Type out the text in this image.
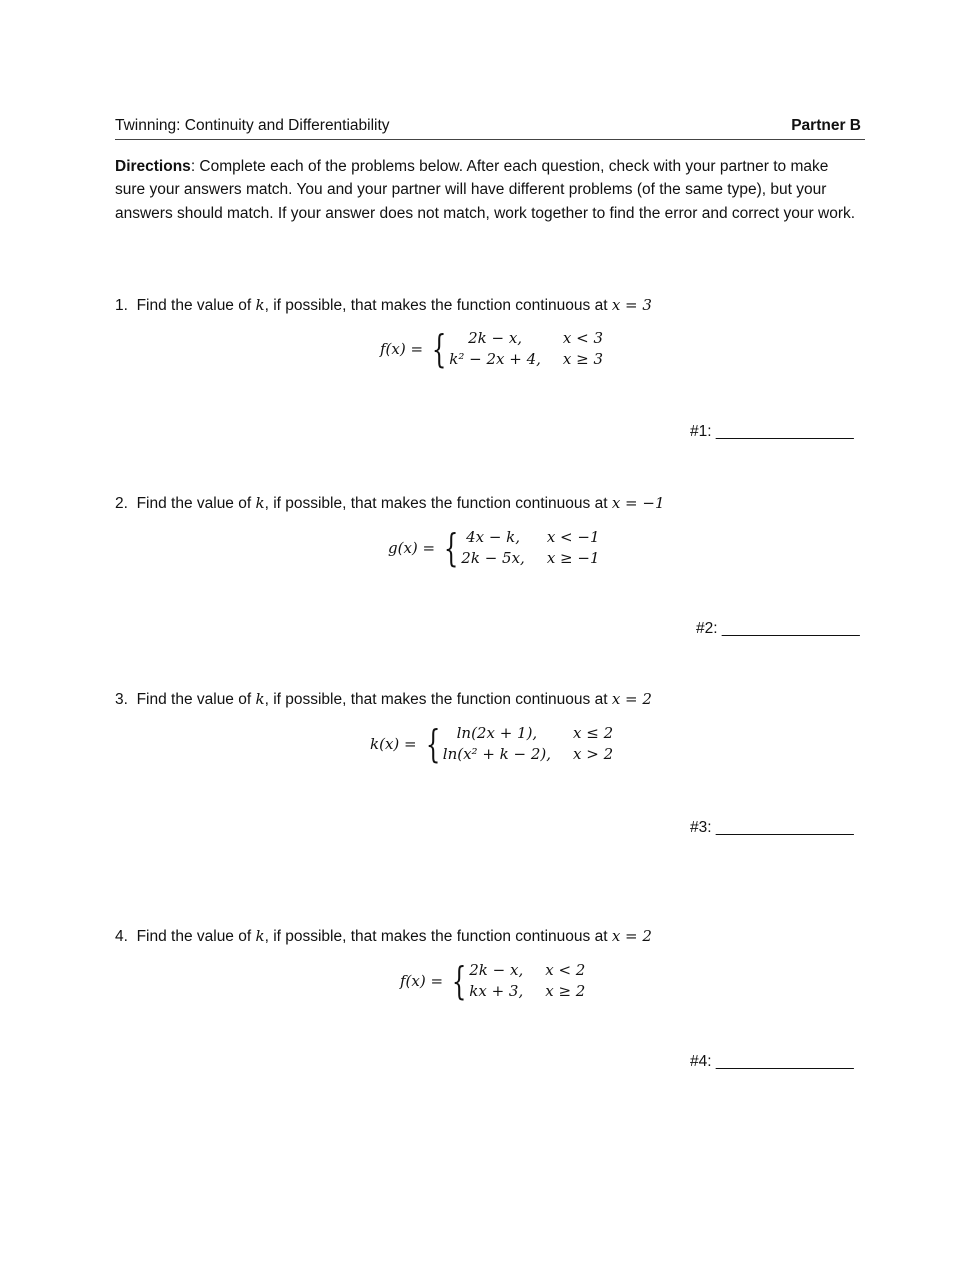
Twinning: Continuity and Differentiability	Partner B
Directions: Complete each of the problems below. After each question, check with your partner to make sure your answers match. You and your partner will have different problems (of the same type), but your answers should match. If your answer does not match, work together to find the error and correct your work.
1. Find the value of k, if possible, that makes the function continuous at x = 3
f(x) = { 2k − x,	x < 3
k² − 2x + 4,	x ≥ 3
#1: ________________
2. Find the value of k, if possible, that makes the function continuous at x = −1
g(x) = { 4x − k,	x < −1
2k − 5x,	x ≥ −1
#2: ________________
3. Find the value of k, if possible, that makes the function continuous at x = 2
k(x) = { ln(2x + 1),	x ≤ 2
ln(x² + k − 2),	x > 2
#3: ________________
4. Find the value of k, if possible, that makes the function continuous at x = 2
f(x) = { 2k − x,	x < 2
kx + 3,	x ≥ 2
#4: ________________
